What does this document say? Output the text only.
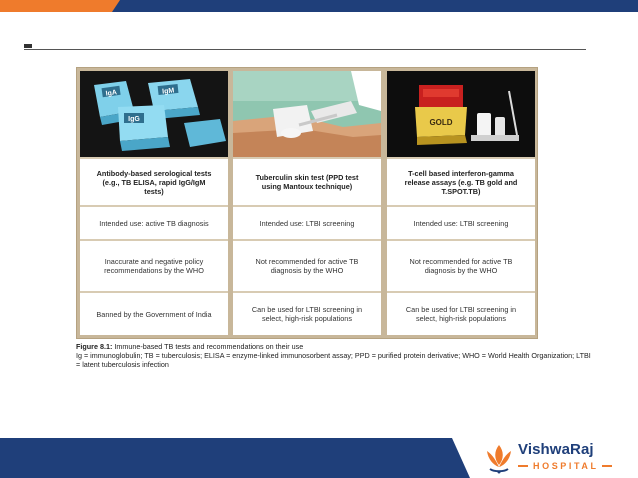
IgA	IgM
IgG
Antibody-based serological tests (e.g., TB ELISA, rapid IgG/IgM tests)
Intended use: active TB diagnosis
Inaccurate and negative policy recommendations by the WHO
Banned by the Government of India
Tuberculin skin test (PPD test using Mantoux technique)
Intended use: LTBI screening
Not recommended for active TB diagnosis by the WHO
Can be used for LTBI screening in select, high-risk populations
GOLD
T-cell based interferon-gamma release assays (e.g. TB gold and T.SPOT.TB)
Intended use: LTBI screening
Not recommended for active TB diagnosis by the WHO
Can be used for LTBI screening in select, high-risk populations
Figure 8.1: Immune-based TB tests and recommendations on their use
Ig = immunoglobulin; TB = tuberculosis; ELISA = enzyme-linked immunosorbent assay; PPD = purified protein derivative; WHO = World Health Organization; LTBI = latent tuberculosis infection
VishwaRaj
HOSPITAL
